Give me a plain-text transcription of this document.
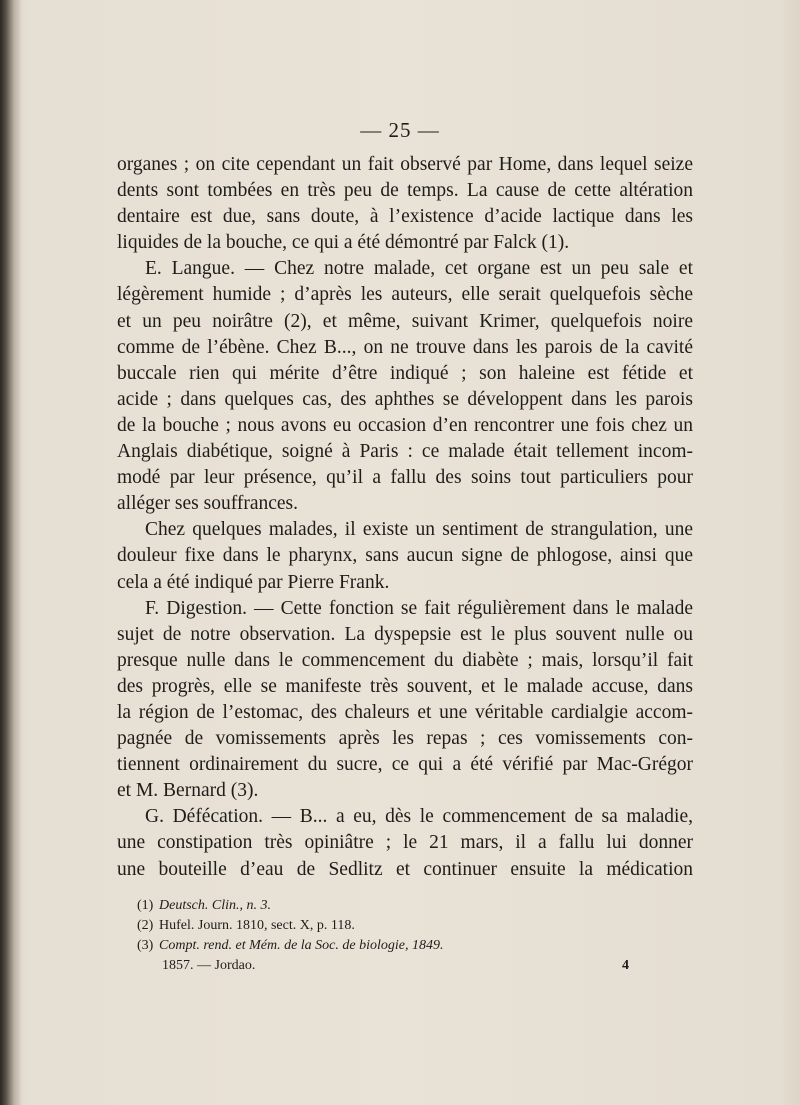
— 25 —
organes ; on cite cependant un fait observé par Home, dans lequel seize
dents sont tombées en très peu de temps. La cause de cette altération
dentaire est due, sans doute, à l’existence d’acide lactique dans les
liquides de la bouche, ce qui a été démontré par Falck (1).
E. Langue. — Chez notre malade, cet organe est un peu sale et
légèrement humide ; d’après les auteurs, elle serait quelquefois sèche
et un peu noirâtre (2), et même, suivant Krimer, quelquefois noire
comme de l’ébène. Chez B..., on ne trouve dans les parois de la cavité
buccale rien qui mérite d’être indiqué ; son haleine est fétide et
acide ; dans quelques cas, des aphthes se développent dans les parois
de la bouche ; nous avons eu occasion d’en rencontrer une fois chez un
Anglais diabétique, soigné à Paris : ce malade était tellement incom-
modé par leur présence, qu’il a fallu des soins tout particuliers pour
alléger ses souffrances.
Chez quelques malades, il existe un sentiment de strangulation, une
douleur fixe dans le pharynx, sans aucun signe de phlogose, ainsi que
cela a été indiqué par Pierre Frank.
F. Digestion. — Cette fonction se fait régulièrement dans le malade
sujet de notre observation. La dyspepsie est le plus souvent nulle ou
presque nulle dans le commencement du diabète ; mais, lorsqu’il fait
des progrès, elle se manifeste très souvent, et le malade accuse, dans
la région de l’estomac, des chaleurs et une véritable cardialgie accom-
pagnée de vomissements après les repas ; ces vomissements con-
tiennent ordinairement du sucre, ce qui a été vérifié par Mac-Grégor
et M. Bernard (3).
G. Défécation. — B... a eu, dès le commencement de sa maladie,
une constipation très opiniâtre ; le 21 mars, il a fallu lui donner
une bouteille d’eau de Sedlitz et continuer ensuite la médication
(1) Deutsch. Clin., n. 3.
(2) Hufel. Journ. 1810, sect. X, p. 118.
(3) Compt. rend. et Mém. de la Soc. de biologie, 1849.
1857. — Jordao.	4
